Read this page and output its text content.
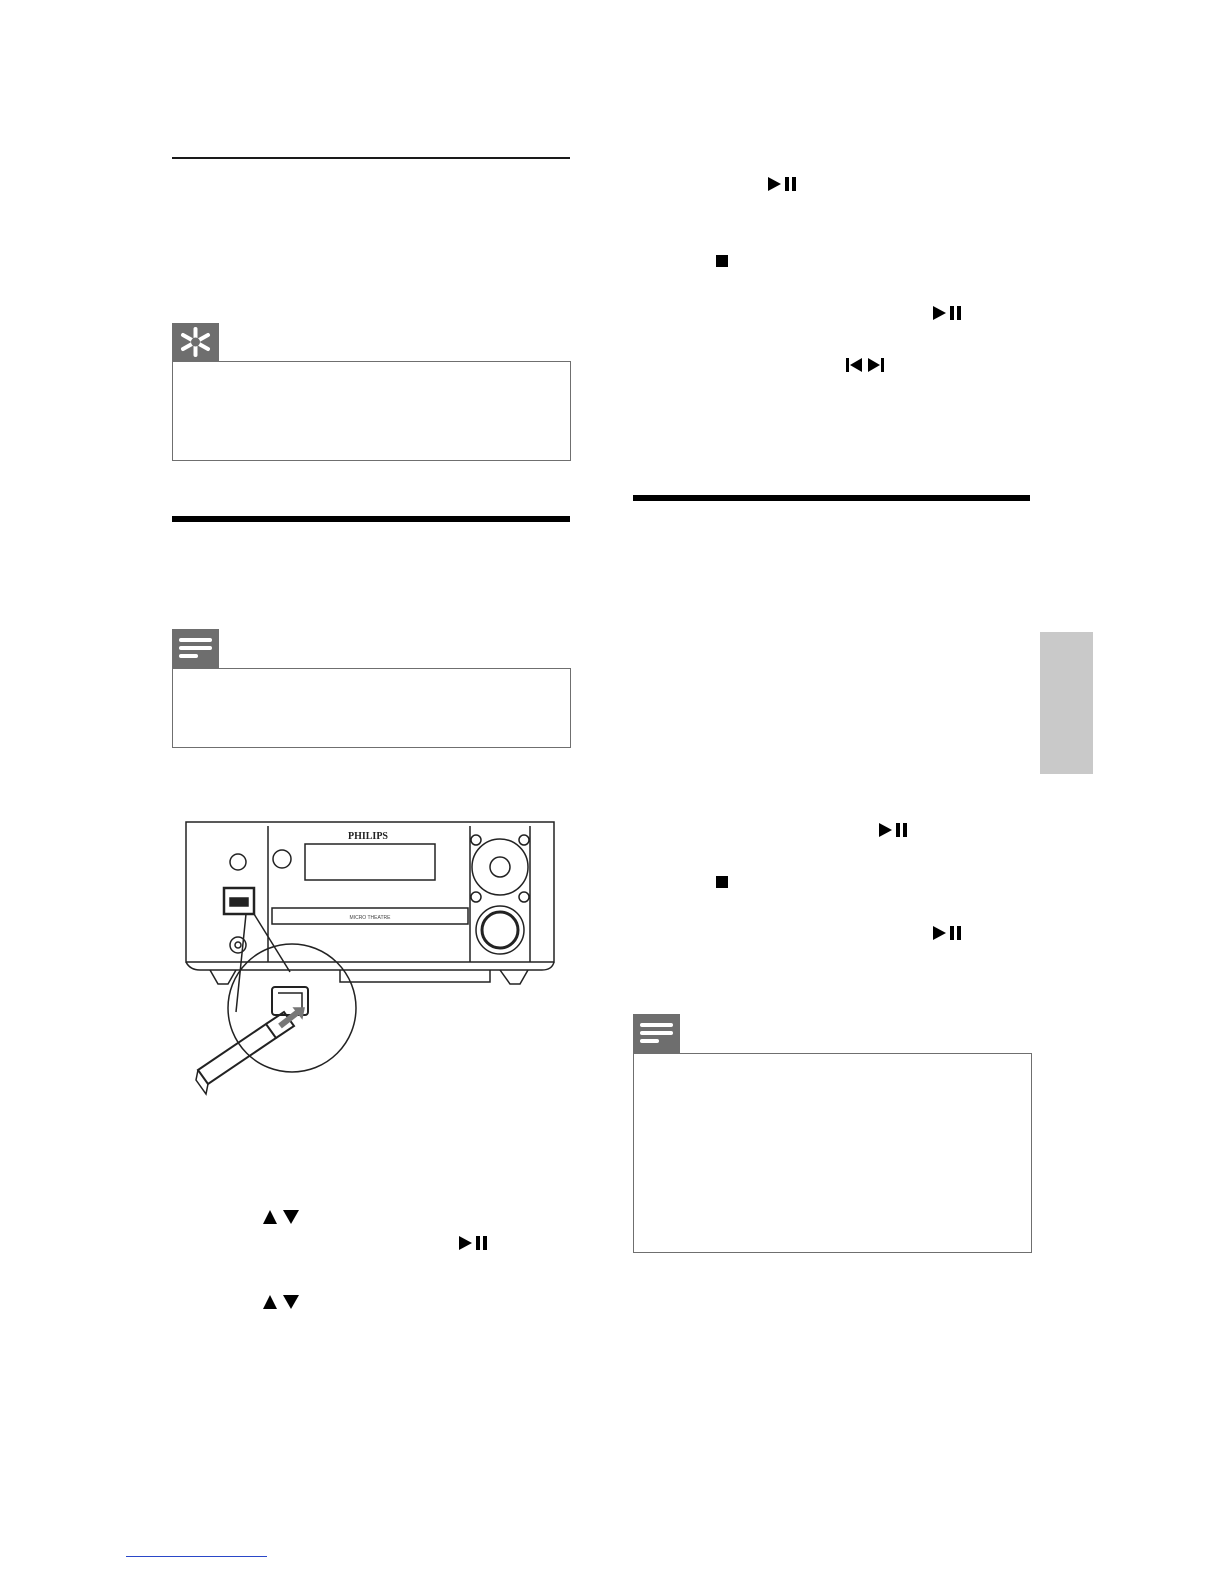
PHILIPS
MICRO THEATRE
